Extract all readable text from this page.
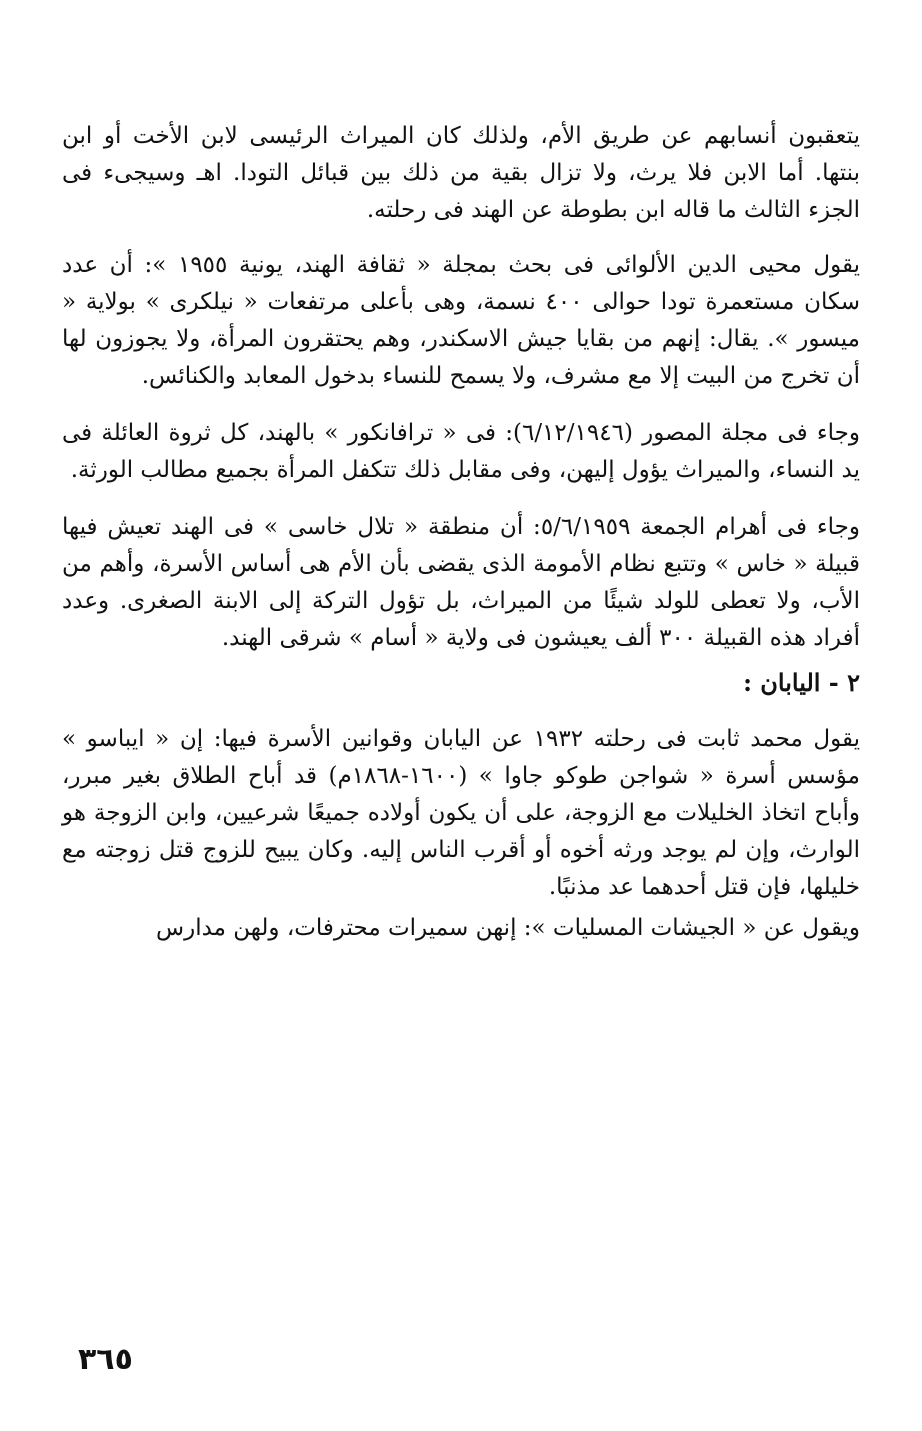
يتعقبون أنسابهم عن طريق الأم، ولذلك كان الميراث الرئيسى لابن الأخت أو ابن بنتها. أما الابن فلا يرث، ولا تزال بقية من ذلك بين قبائل التودا. اهـ وسيجىء فى الجزء الثالث ما قاله ابن بطوطة عن الهند فى رحلته.

يقول محيى الدين الألوائى فى بحث بمجلة « ثقافة الهند، يونية ١٩٥٥ »: أن عدد سكان مستعمرة تودا حوالى ٤٠٠ نسمة، وهى بأعلى مرتفعات « نيلكرى » بولاية « ميسور ». يقال: إنهم من بقايا جيش الاسكندر، وهم يحتقرون المرأة، ولا يجوزون لها أن تخرج من البيت إلا مع مشرف، ولا يسمح للنساء بدخول المعابد والكنائس.

وجاء فى مجلة المصور (٦/١٢/١٩٤٦): فى « ترافانكور » بالهند، كل ثروة العائلة فى يد النساء، والميراث يؤول إليهن، وفى مقابل ذلك تتكفل المرأة بجميع مطالب الورثة.

وجاء فى أهرام الجمعة ٥/٦/١٩٥٩: أن منطقة « تلال خاسى » فى الهند تعيش فيها قبيلة « خاس » وتتبع نظام الأمومة الذى يقضى بأن الأم هى أساس الأسرة، وأهم من الأب، ولا تعطى للولد شيئًا من الميراث، بل تؤول التركة إلى الابنة الصغرى. وعدد أفراد هذه القبيلة ٣٠٠ ألف يعيشون فى ولاية « أسام » شرقى الهند.

٢ - اليابان :

يقول محمد ثابت فى رحلته ١٩٣٢ عن اليابان وقوانين الأسرة فيها: إن « ايباسو » مؤسس أسرة « شواجن طوكو جاوا » (١٦٠٠-١٨٦٨م) قد أباح الطلاق بغير مبرر، وأباح اتخاذ الخليلات مع الزوجة، على أن يكون أولاده جميعًا شرعيين، وابن الزوجة هو الوارث، وإن لم يوجد ورثه أخوه أو أقرب الناس إليه. وكان يبيح للزوج قتل زوجته مع خليلها، فإن قتل أحدهما عد مذنبًا.

ويقول عن « الجيشات المسليات »: إنهن سميرات محترفات، ولهن مدارس

٣٦٥
